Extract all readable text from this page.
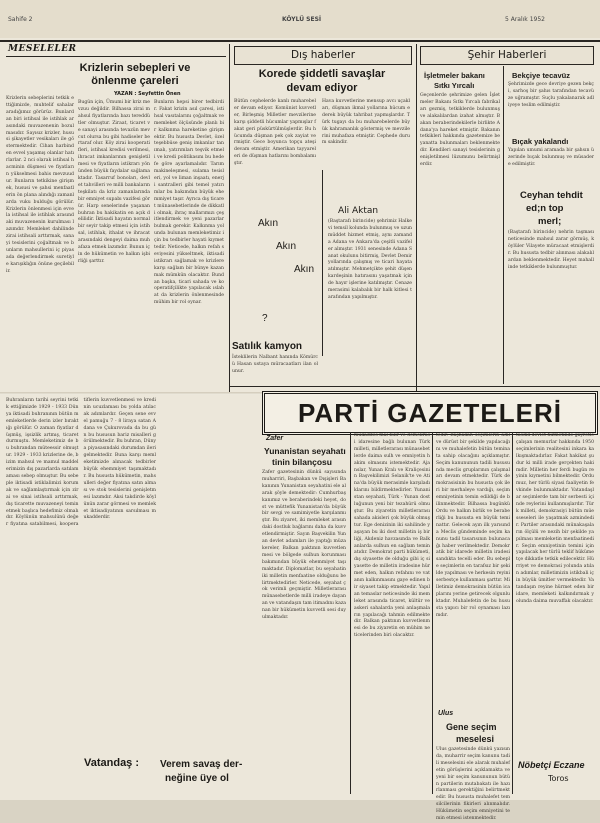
Sahife 2	KÖYLÜ SESİ	5 Aralık 1952
MESELELER
Krizlerin sebepleri ve
önlenme çareleri
YAZAN : Seyfettin Önen
Krizlerin sebeplerini tetkik ettiğimizde, muhtelif sahalar aradığımız görürüz. Bunlardan biri istihsal ile istihlak arasındaki muvazenenin bozulmasıdır. Sayısız krizler, hususi şikayetler vesikaları ile göstermektedir. Cihan harbinden evvel yaşamış olanlar hatırlarlar. 2 nci olarak istihsal hacminin düşmesi ve fiyatların yükselmesi bahis mevzuudur. Bunların tetkikine girişmek, hususi ve şahsi menfaatlerin ön plana alındığı zamanlarda vuku bulduğu görülür. Krizlerin önlenmesi için evvela istihsal ile istihlak arasındaki muvazenenin kurulması lazımdır. Memleket dahilinde zirai istihsali arttırmak, sanayi tesislerini çoğaltmak ve bunların mahsullerini iç piyasada değerlendirmek suretiyle karışıklığın önüne geçilebilir.
Bugün için, Ümumi bir kriz mevzuu değildir. Bilhassa zirai mahsul fiyatlarında bazı tereddütler olmuştur. Ziraat, ticaret ve sanayi arasında tevazün mevcut olursa bu gibi hadiseler bertaraf olur. Köy zirai kooperatifleri, istihsal kredisi verilmesi, ihracat imkanlarının genişletilmesi ve fiyatların istikrarı yönünden büyük faydalar sağlamaktadır. Tasarruf bonoları, devlet tahvilleri ve milli bankaların teşkilatı da kriz zamanlarında bir emniyet supabı vazifesi görür. Harp senelerinde yaşanan buhran bu hakikatin en açık delilidir. İktisadi hayatın normal bir seyir takip etmesi için istihsal, istihlak, ithalat ve ihracat arasındaki dengeyi daima muhafaza etmek lazımdır. Bunun için de hükümetin ve halkın işbirliği şarttır.
Bunların hepsi birer tedbirdir. Fakat krizin asıl çaresi, istihsal vasıtalarını çoğaltmak ve memleket ölçüsünde planlı bir kalkınma hareketine girişmektir. Bu hususta Devlet, özel teşebbüse geniş imkanlar tanımalı, yatırımları teşvik etmeli ve kredi politikasını bu hedefe göre ayarlamalıdır. Tarım makineleşmesi, sulama tesisleri, yol ve liman inşaatı, enerji santralleri gibi temel yatırımlar bu bakımdan büyük ehemmiyet taşır. Ayrıca dış ticaret münasebetlerinde de dikkatli olmak, ihraç mallarımızı çeşitlendirmek ve yeni pazarlar bulmak gerekir. Kalkınma yolunda bulunan memleketimiz için bu tedbirler hayati kıymettedir. Neticede, halkın refah seviyesini yükseltmek, iktisadi istikrarı sağlamak ve krizlere karşı sağlam bir bünye kazanmak mümkün olacaktır. Bundan başka, ticari sahada ve kooperatifçilikte yapılacak ıslahat da krizlerin önlenmesinde mühim bir rol oynar.
Buhranların tarihi seyrini tetkik ettiğimizde 1929 - 1933 Dünya iktisadi buhranının bütün memleketlerde derin izler bıraktığı görülür. O zaman fiyatlar düşmüş, işsizlik artmış, ticaret durmuştu. Memleketimiz de bu buhrandan müteessir olmuştur. 1929 - 1933 krizlerine de, bizim mahsul ve mamul maddelerimizin dış pazarlarda satılamaması sebep olmuştur. Bu sebeple iktisadi istiklalimizi korumak ve sağlamlaştırmak için zirai ve sinai istihsali arttırmak, dış ticarette muvazeneyi temin etmek başlıca hedefimiz olmalıdır. Köylünün mahsulünü değer fiyatına satabilmesi, kooperatiflerin kuvvetlenmesi ve kredinin ucuzlaması bu yolda atılacak adımlardır. Geçen sene evvel pamuğu 7 - 8 liraya satan Adana ve Çukurovada da bu gün bu hususun bariz misalleri görülmektedir. Bu buhran, Dünya piyasasındaki durumdan ileri gelmektedir. Buna karşı memleketimizde alınacak tedbirler büyük ehemmiyet taşımaktadır. Bu hususta hükümetin, mahsulleri değer fiyatına satın alması ve stok tesislerini genişletmesi lazımdır. Aksi takdirde köylünün zarar görmesi ve memleket iktisadiyatının sarsılması mukadderdir.
Vatandaş : Verem savaş der-
neğine üye ol
Dış haberler
Korede şiddetli savaşlar
devam ediyor
Bütün cephelerde kanlı muharebeler devam ediyor. Komünist kuvvetler, Birleşmiş Milletler mevzilerine karşı şiddetli hücumlar yapmışlar fakat geri püskürtülmüşlerdir. Bu hücumda düşman pek çok zayiat vermiştir. Gece boyunca topçu ateşi devam etmiştir. Amerikan tayyareleri de düşman hatlarını bombalamıştır.
Hava kuvvetlerine mensup avcı uçakları, düşman ikmal yollarına hücum ederek büyük tahribat yapmışlardır. Türk tugayı da bu muharebelerde büyük kahramanlık göstermiş ve mevzilerini muhafaza etmiştir. Cephede durum sakindir.
Akın
Akın
Akın
?
Satılık kamyon
İsteklilerin Nalbant hanında Kömürcü Hasan ustaya müracaatları ilan olunur.
Ali Aktan
(Baştarafı birincide) şehrimiz Halkevi temsil kolunda bulunmuş ve uzun müddet hizmet etmiş, aynı zamanda Adana ve Ankara'da çeşitli vazifeler almıştır. 1931 senesinde Adana Sanat okulunu bitirmiş, Devlet Demiryollarında çalışmış ve ticari hayata atılmıştır. Mehmetçikte şehit düşen kardeşinin hatırasını yaşatmak için de hayır işlerine katılmıştır. Cenaze merasimi kalabalık bir halk kitlesi tarafından yapılmıştır.
Şehir Haberleri
İşletmeler bakanı
Sıtkı Yırcalı
Geçenlerde şehrimize gelen İşletmeler Bakanı Sıtkı Yırcalı fabrikaları gezmiş, tetkiklerde bulunmuş ve alakalılardan izahat almıştır. Bakan beraberindekilerle birlikte Adana'ya hareket etmiştir. Bakanın tetkikleri hakkında gazetemize beyanatta bulunmaları beklenmektedir. Kendileri sanayi tesislerinin genişletilmesi lüzumunu belirtmişlerdir.
Bekçiye tecavüz
Şehrimizde gece devriye gezen bekçi, sarhoş bir şahıs tarafından tecavüze uğramıştır. Suçlu yakalanarak adliyeye teslim edilmiştir.
Bıçak yakalandı
Yapılan umumi aramada bir şahsın üzerinde bıçak bulunmuş ve müsadere edilmiştir.
Ceyhan tehdit
ed;n top
merl;
(Baştarafı birincide) nehrin taşması neticesinde mahsul zarar görmüş, köylüler Vilayete müracaat etmişlerdir. Bu hususta tedbir alınması alakalılardan beklenmektedir. Heyet mahallinde tetkiklerde bulunmuştur.
PARTİ GAZETELERİ
Zafer
Yunanistan seyahatı
tinin bilançosu
Zafer gazetesinin dünkü sayısında muharriri, Başbakan ve Dışişleri Bakanının Yunanistan seyahatini ele alarak şöyle demektedir: Cumhurbaşkanımız ve beraberindeki heyet, dost ve müttefik Yunanistan'da büyük bir sevgi ve samimiyetle karşılanmıştır. Bu ziyaret, iki memleket arasındaki dostluk bağlarını daha da kuvvetlendirmiştir. Sayın Başvekilin Yunan devlet adamları ile yaptığı müzakereler, Balkan paktının kuvvetlenmesi ve bölgede sulhun korunması bakımından büyük ehemmiyet taşımaktadır. Diplomatlar, bu seyahatin iki milletin menfaatine olduğunu belirtmektedirler. Neticede, seyahat çok verimli geçmiştir. Milletlerarası münasebetlerde milli iradeye dayanan ve vatandaşın tam itimadını kazanan bir hükümetin kuvvetli sesi duyulmaktadır.
mukaddes mal bilir ve demokrasi idaresine bağlı bulunan Türk milleti, milletlerarası münasebetlerde daima sulh ve emniyetin hakim olmasını istemektedir. Ajanslar, Yunan Kralı ve Kraliçesinin Başvekilimizi Selanik'te ve Atina'da büyük merasimle karşıladıklarını bildirmektedirler. Yunanistan seyahati, Türk - Yunan dostluğunun yeni bir tezahürü olmuştur. Bu ziyaretin milletlerarası sahada akisleri çok büyük olmuştur. Ege denizinin iki sahilinde yaşayan bu iki dost milletin iş birliği, Akdeniz havzasında ve Balkanlarda sulhun en sağlam teminatıdır. Demokrat parti hükümeti, dış siyasette de olduğu gibi iç siyasette de milletin iradesine hürmet eden, halkın refahını ve vatanın kalkınmasını gaye edinen bir siyaset takip etmektedir. Yapılan temaslar neticesinde iki memleket arasında ticaret, kültür ve askeri sahalarda yeni anlaşmaların yapılacağı tahmin edilmektedir. Balkan paktının kuvvetlenmesi de bu ziyaretin en mühim neticelerinden biri olacaktır.
tedir. Başbakan seçimlerin adil ve dürüst bir şekilde yapılacağını ve muhalefetin bütün teminata sahip olacağını açıklamıştır. Seçim kanununun tadili hususunda meclis gruplarının çalışmaları devam etmektedir. Türk demokrasisinin bu hususta çok ileri bir merhaleye vardığı, seçim emniyetinin temin edildiği de bilinmektedir. Bilhassa bugünkü Ordu ve halkın birlik ve beraberliği bu hususta en büyük teminattır. Gelecek ayın ilk yarısında Meclis gündeminde seçim kanunu tadil tasarısının bulunacağı haber verilmektedir. Demokratik bir idarede milletin iradesi sandıkta tecelli eder. Bu sebeple seçimlerin en tarafsız bir şekilde yapılması ve herkesin reyini serbestçe kullanması şarttır. Milletimiz demokrasinin bütün icaplarını yerine getirecek olgunluktadır. Muhalefetin de bu hususta yapıcı bir rol oynaması lazımdır.
Ulus
Gene seçim
meselesi
Ulus gazetesinde dünkü yazısında, muharrir seçim kanunu tadili meselesini ele alarak muhalefetin görüşlerini açıklamakta ve yeni bir seçim kanununun bütün partilerin mutabakatı ile hazırlanması gerektiğini belirtmektedir. Bu hususta muhalefet temsilcilerinin fikirleri alınmalıdır. Hükümetin seçim emniyetini temin etmesi istenmektedir.
tasdik devlet hizmetinde gayretle çalışan memurlar hakkında 1950 seçimlerinin realitesini inkara kalkışmaktadırlar. Fakat hakikat şudur ki milli irade gerçekten hakimdir. Milletin her ferdi bugün reyinin kıymetini bilmektedir. Ordumuz, her türlü siyasi faaliyetin fevkinde bulunmaktadır. Vatandaşlar seçimlerde tam bir serbesti içinde reylerini kullanmışlardır. Türk milleti, demokrasiyi bütün müesseseleri ile yaşatmak azmindedir. Partiler arasındaki münakaşaların ölçülü ve nezih bir şekilde yapılması memleketin menfaatinedir. Seçim emniyetinin temini için yapılacak her türlü teklif hükümetçe dikkatle tetkik edilecektir. Hürriyet ve demokrasi yolunda atılan adımlar, milletimizin istikbali için büyük ümitler vermektedir. Vatandaşın reyine hürmet eden bir idare, memleketi kalkındırmak yolunda daima muvaffak olacaktır.
Nöbetçi Eczane
Toros
